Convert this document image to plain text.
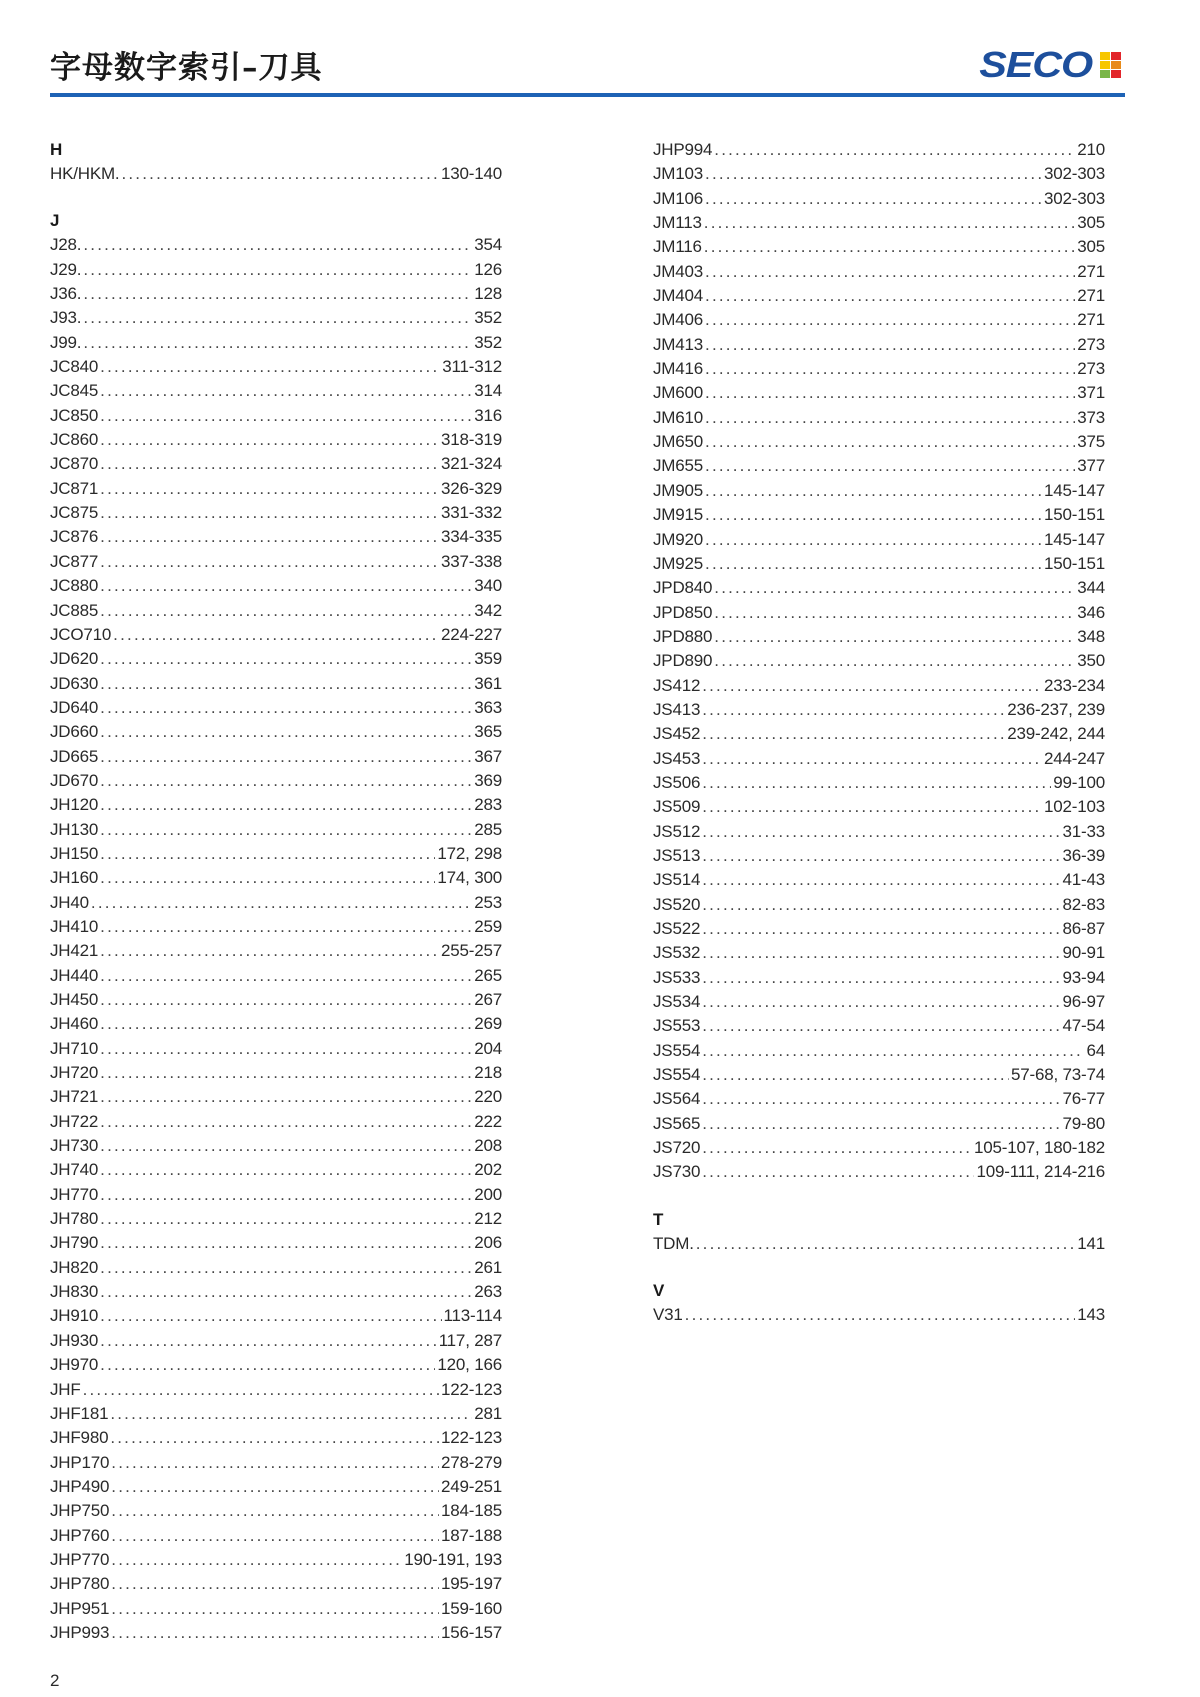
字母数字索引–刀具	SECO
H
HK/HKM. .....	130-140
J
J28. .....	354
J29. .....	126
J36. .....	128
J93. .....	352
J99. .....	352
JC840 .....	311-312
JC845 .....	314
JC850 .....	316
JC860 .....	318-319
JC870 .....	321-324
JC871 .....	326-329
JC875 .....	331-332
JC876 .....	334-335
JC877 .....	337-338
JC880 .....	340
JC885 .....	342
JCO710 .....	224-227
JD620 .....	359
JD630 .....	361
JD640 .....	363
JD660 .....	365
JD665 .....	367
JD670 .....	369
JH120 .....	283
JH130 .....	285
JH150 .....	172, 298
JH160 .....	174, 300
JH40 .....	253
JH410 .....	259
JH421 .....	255-257
JH440 .....	265
JH450 .....	267
JH460 .....	269
JH710 .....	204
JH720 .....	218
JH721 .....	220
JH722 .....	222
JH730 .....	208
JH740 .....	202
JH770 .....	200
JH780 .....	212
JH790 .....	206
JH820 .....	261
JH830 .....	263
JH910 .....	113-114
JH930 .....	117, 287
JH970 .....	120, 166
JHF .....	122-123
JHF181 .....	281
JHF980 .....	122-123
JHP170 .....	278-279
JHP490 .....	249-251
JHP750 .....	184-185
JHP760 .....	187-188
JHP770 .....	190-191, 193
JHP780 .....	195-197
JHP951 .....	159-160
JHP993 .....	156-157
JHP994 .....	210
JM103 .....	302-303
JM106 .....	302-303
JM113 .....	305
JM116 .....	305
JM403 .....	271
JM404 .....	271
JM406 .....	271
JM413 .....	273
JM416 .....	273
JM600 .....	371
JM610 .....	373
JM650 .....	375
JM655 .....	377
JM905 .....	145-147
JM915 .....	150-151
JM920 .....	145-147
JM925 .....	150-151
JPD840 .....	344
JPD850 .....	346
JPD880 .....	348
JPD890 .....	350
JS412 .....	233-234
JS413 .....	236-237, 239
JS452 .....	239-242, 244
JS453 .....	244-247
JS506 .....	99-100
JS509 .....	102-103
JS512 .....	31-33
JS513 .....	36-39
JS514 .....	41-43
JS520 .....	82-83
JS522 .....	86-87
JS532 .....	90-91
JS533 .....	93-94
JS534 .....	96-97
JS553 .....	47-54
JS554 .....	64
JS554 .....	57-68, 73-74
JS564 .....	76-77
JS565 .....	79-80
JS720 .....	105-107, 180-182
JS730 .....	109-111, 214-216
T
TDM. .....	141
V
V31 .....	143
2
